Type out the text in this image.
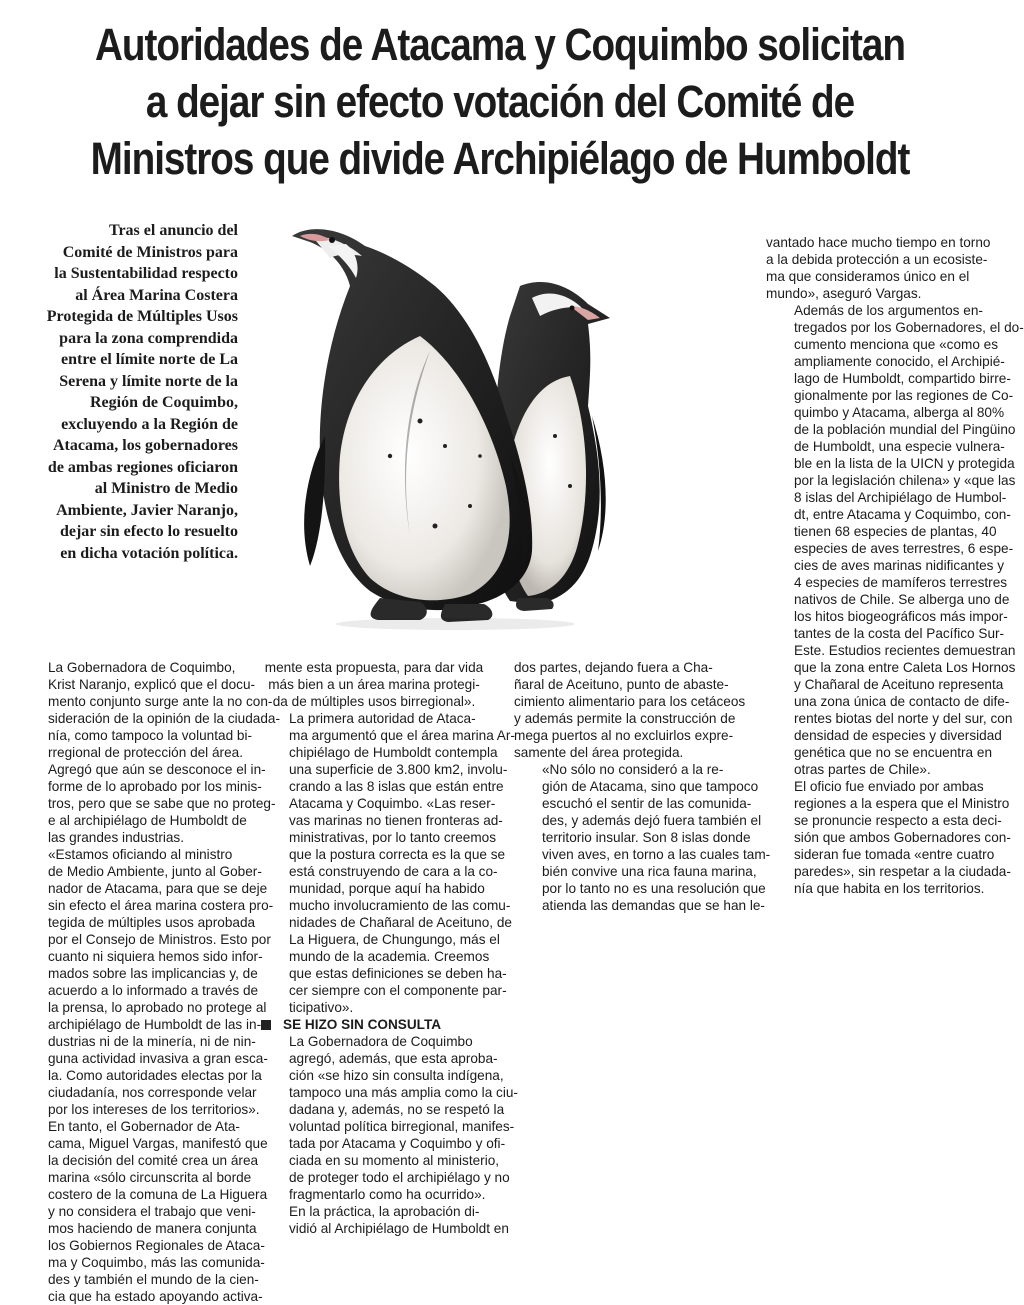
Autoridades de Atacama y Coquimbo solicitan
a dejar sin efecto votación del Comité de
Ministros que divide Archipiélago de Humboldt
Tras el anuncio del
Comité de Ministros para
la Sustentabilidad respecto
al Área Marina Costera
Protegida de Múltiples Usos
para la zona comprendida
entre el límite norte de La
Serena y límite norte de la
Región de Coquimbo,
excluyendo a la Región de
Atacama, los gobernadores
de ambas regiones oficiaron
al Ministro de Medio
Ambiente, Javier Naranjo,
dejar sin efecto lo resuelto
en dicha votación política.

La Gobernadora de Coquimbo,
Krist Naranjo, explicó que el docu-
mento conjunto surge ante la no con-
sideración de la opinión de la ciudada-
nía, como tampoco la voluntad bi-
rregional de protección del área.
Agregó que aún se desconoce el in-
forme de lo aprobado por los minis-
tros, pero que se sabe que no proteg-
e al archipiélago de Humboldt de
las grandes industrias.

«Estamos oficiando al ministro
de Medio Ambiente, junto al Gober-
nador de Atacama, para que se deje
sin efecto el área marina costera pro-
tegida de múltiples usos aprobada
por el Consejo de Ministros. Esto por
cuanto ni siquiera hemos sido infor-
mados sobre las implicancias y, de
acuerdo a lo informado a través de
la prensa, lo aprobado no protege al
archipiélago de Humboldt de las in-
dustrias ni de la minería, ni de nin-
guna actividad invasiva a gran esca-
la. Como autoridades electas por la
ciudadanía, nos corresponde velar
por los intereses de los territorios».

En tanto, el Gobernador de Ata-
cama, Miguel Vargas, manifestó que
la decisión del comité crea un área
marina «sólo circunscrita al borde
costero de la comuna de La Higuera
y no considera el trabajo que veni-
mos haciendo de manera conjunta
los Gobiernos Regionales de Ataca-
ma y Coquimbo, más las comunida-
des y también el mundo de la cien-
cia que ha estado apoyando activa-

mente esta propuesta, para dar vida
más bien a un área marina protegi-
da de múltiples usos birregional».

La primera autoridad de Ataca-
ma argumentó que el área marina Ar-
chipiélago de Humboldt contempla
una superficie de 3.800 km2, involu-
crando a las 8 islas que están entre
Atacama y Coquimbo. «Las reser-
vas marinas no tienen fronteras ad-
ministrativas, por lo tanto creemos
que la postura correcta es la que se
está construyendo de cara a la co-
munidad, porque aquí ha habido
mucho involucramiento de las comu-
nidades de Chañaral de Aceituno, de
La Higuera, de Chungungo, más el
mundo de la academia. Creemos
que estas definiciones se deben ha-
cer siempre con el componente par-
ticipativo».

SE HIZO SIN CONSULTA

La Gobernadora de Coquimbo
agregó, además, que esta aproba-
ción «se hizo sin consulta indígena,
tampoco una más amplia como la ciu-
dadana y, además, no se respetó la
voluntad política birregional, manifes-
tada por Atacama y Coquimbo y ofi-
ciada en su momento al ministerio,
de proteger todo el archipiélago y no
fragmentarlo como ha ocurrido».

En la práctica, la aprobación di-
vidió al Archipiélago de Humboldt en

dos partes, dejando fuera a Cha-
ñaral de Aceituno, punto de abaste-
cimiento alimentario para los cetáceos
y además permite la construcción de
mega puertos al no excluirlos expre-
samente del área protegida.

«No sólo no consideró a la re-
gión de Atacama, sino que tampoco
escuchó el sentir de las comunida-
des, y además dejó fuera también el
territorio insular. Son 8 islas donde
viven aves, en torno a las cuales tam-
bién convive una rica fauna marina,
por lo tanto no es una resolución que
atienda las demandas que se han le-

vantado hace mucho tiempo en torno
a la debida protección a un ecosiste-
ma que consideramos único en el
mundo», aseguró Vargas.

Además de los argumentos en-
tregados por los Gobernadores, el do-
cumento menciona que «como es
ampliamente conocido, el Archipié-
lago de Humboldt, compartido birre-
gionalmente por las regiones de Co-
quimbo y Atacama, alberga al 80%
de la población mundial del Pingüino
de Humboldt, una especie vulnera-
ble en la lista de la UICN y protegida
por la legislación chilena» y «que las
8 islas del Archipiélago de Humbol-
dt, entre Atacama y Coquimbo, con-
tienen 68 especies de plantas, 40
especies de aves terrestres, 6 espe-
cies de aves marinas nidificantes y
4 especies de mamíferos terrestres
nativos de Chile. Se alberga uno de
los hitos biogeográficos más impor-
tantes de la costa del Pacífico Sur-
Este. Estudios recientes demuestran
que la zona entre Caleta Los Hornos
y Chañaral de Aceituno representa
una zona única de contacto de dife-
rentes biotas del norte y del sur, con
densidad de especies y diversidad
genética que no se encuentra en
otras partes de Chile».

El oficio fue enviado por ambas
regiones a la espera que el Ministro
se pronuncie respecto a esta deci-
sión que ambos Gobernadores con-
sideran fue tomada «entre cuatro
paredes», sin respetar a la ciudada-
nía que habita en los territorios.
